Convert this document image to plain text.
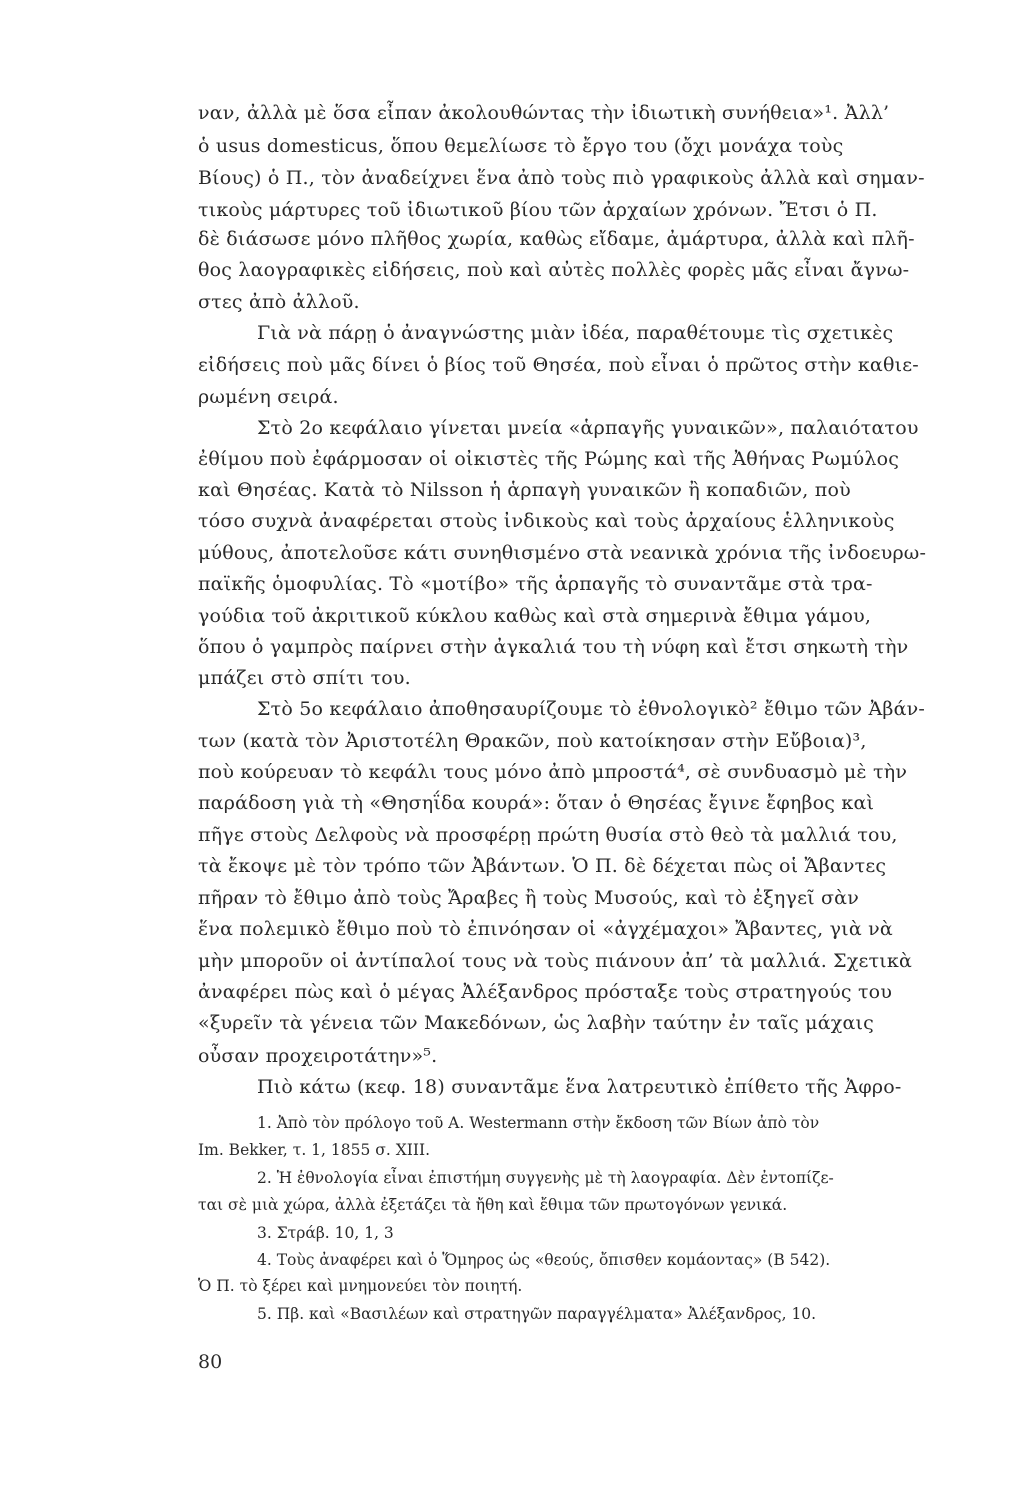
ναν, ἀλλὰ μὲ ὅσα εἶπαν ἀκολουθώντας τὴν ἰδιωτικὴ συνήθεια»¹. Ἀλλ’
ὁ usus domesticus, ὅπου θεμελίωσε τὸ ἔργο του (ὄχι μονάχα τοὺς
Βίους) ὁ Π., τὸν ἀναδείχνει ἕνα ἀπὸ τοὺς πιὸ γραφικοὺς ἀλλὰ καὶ σημαν-
τικοὺς μάρτυρες τοῦ ἰδιωτικοῦ βίου τῶν ἀρχαίων χρόνων. Ἔτσι ὁ Π.
δὲ διάσωσε μόνο πλῆθος χωρία, καθὼς εἴδαμε, ἀμάρτυρα, ἀλλὰ καὶ πλῆ-
θος λαογραφικὲς εἰδήσεις, ποὺ καὶ αὐτὲς πολλὲς φορὲς μᾶς εἶναι ἄγνω-
στες ἀπὸ ἀλλοῦ.
Γιὰ νὰ πάρῃ ὁ ἀναγνώστης μιὰν ἰδέα, παραθέτουμε τὶς σχετικὲς
εἰδήσεις ποὺ μᾶς δίνει ὁ βίος τοῦ Θησέα, ποὺ εἶναι ὁ πρῶτος στὴν καθιε-
ρωμένη σειρά.
Στὸ 2ο κεφάλαιο γίνεται μνεία «ἁρπαγῆς γυναικῶν», παλαιότατου
ἐθίμου ποὺ ἐφάρμοσαν οἱ οἰκιστὲς τῆς Ρώμης καὶ τῆς Ἀθήνας Ρωμύλος
καὶ Θησέας. Κατὰ τὸ Nilsson ἡ ἁρπαγὴ γυναικῶν ἢ κοπαδιῶν, ποὺ
τόσο συχνὰ ἀναφέρεται στοὺς ἰνδικοὺς καὶ τοὺς ἀρχαίους ἑλληνικοὺς
μύθους, ἀποτελοῦσε κάτι συνηθισμένο στὰ νεανικὰ χρόνια τῆς ἰνδοευρω-
παϊκῆς ὁμοφυλίας. Τὸ «μοτίβο» τῆς ἁρπαγῆς τὸ συναντᾶμε στὰ τρα-
γούδια τοῦ ἀκριτικοῦ κύκλου καθὼς καὶ στὰ σημερινὰ ἔθιμα γάμου,
ὅπου ὁ γαμπρὸς παίρνει στὴν ἀγκαλιά του τὴ νύφη καὶ ἔτσι σηκωτὴ τὴν
μπάζει στὸ σπίτι του.
Στὸ 5ο κεφάλαιο ἀποθησαυρίζουμε τὸ ἐθνολογικὸ² ἔθιμο τῶν Ἀβάν-
των (κατὰ τὸν Ἀριστοτέλη Θρακῶν, ποὺ κατοίκησαν στὴν Εὔβοια)³,
ποὺ κούρευαν τὸ κεφάλι τους μόνο ἀπὸ μπροστά⁴, σὲ συνδυασμὸ μὲ τὴν
παράδοση γιὰ τὴ «Θησηΐδα κουρά»: ὅταν ὁ Θησέας ἔγινε ἔφηβος καὶ
πῆγε στοὺς Δελφοὺς νὰ προσφέρῃ πρώτη θυσία στὸ θεὸ τὰ μαλλιά του,
τὰ ἔκοψε μὲ τὸν τρόπο τῶν Ἀβάντων. Ὁ Π. δὲ δέχεται πὼς οἱ Ἄβαντες
πῆραν τὸ ἔθιμο ἀπὸ τοὺς Ἄραβες ἢ τοὺς Μυσούς, καὶ τὸ ἐξηγεῖ σὰν
ἕνα πολεμικὸ ἔθιμο ποὺ τὸ ἐπινόησαν οἱ «ἀγχέμαχοι» Ἄβαντες, γιὰ νὰ
μὴν μποροῦν οἱ ἀντίπαλοί τους νὰ τοὺς πιάνουν ἀπ’ τὰ μαλλιά. Σχετικὰ
ἀναφέρει πὼς καὶ ὁ μέγας Ἀλέξανδρος πρόσταξε τοὺς στρατηγούς του
«ξυρεῖν τὰ γένεια τῶν Μακεδόνων, ὡς λαβὴν ταύτην ἐν ταῖς μάχαις
οὖσαν προχειροτάτην»⁵.
Πιὸ κάτω (κεφ. 18) συναντᾶμε ἕνα λατρευτικὸ ἐπίθετο τῆς Ἀφρο-
1. Ἀπὸ τὸν πρόλογο τοῦ A. Westermann στὴν ἔκδοση τῶν Βίων ἀπὸ τὸν
Im. Bekker, τ. 1, 1855 σ. XIII.
2. Ἡ ἐθνολογία εἶναι ἐπιστήμη συγγενὴς μὲ τὴ λαογραφία. Δὲν ἐντοπίζε-
ται σὲ μιὰ χώρα, ἀλλὰ ἐξετάζει τὰ ἤθη καὶ ἔθιμα τῶν πρωτογόνων γενικά.
3. Στράβ. 10, 1, 3
4. Τοὺς ἀναφέρει καὶ ὁ Ὅμηρος ὡς «θεούς, ὄπισθεν κομάοντας» (Β 542).
Ὁ Π. τὸ ξέρει καὶ μνημονεύει τὸν ποιητή.
5. Πβ. καὶ «Βασιλέων καὶ στρατηγῶν παραγγέλματα» Ἀλέξανδρος, 10.
80
